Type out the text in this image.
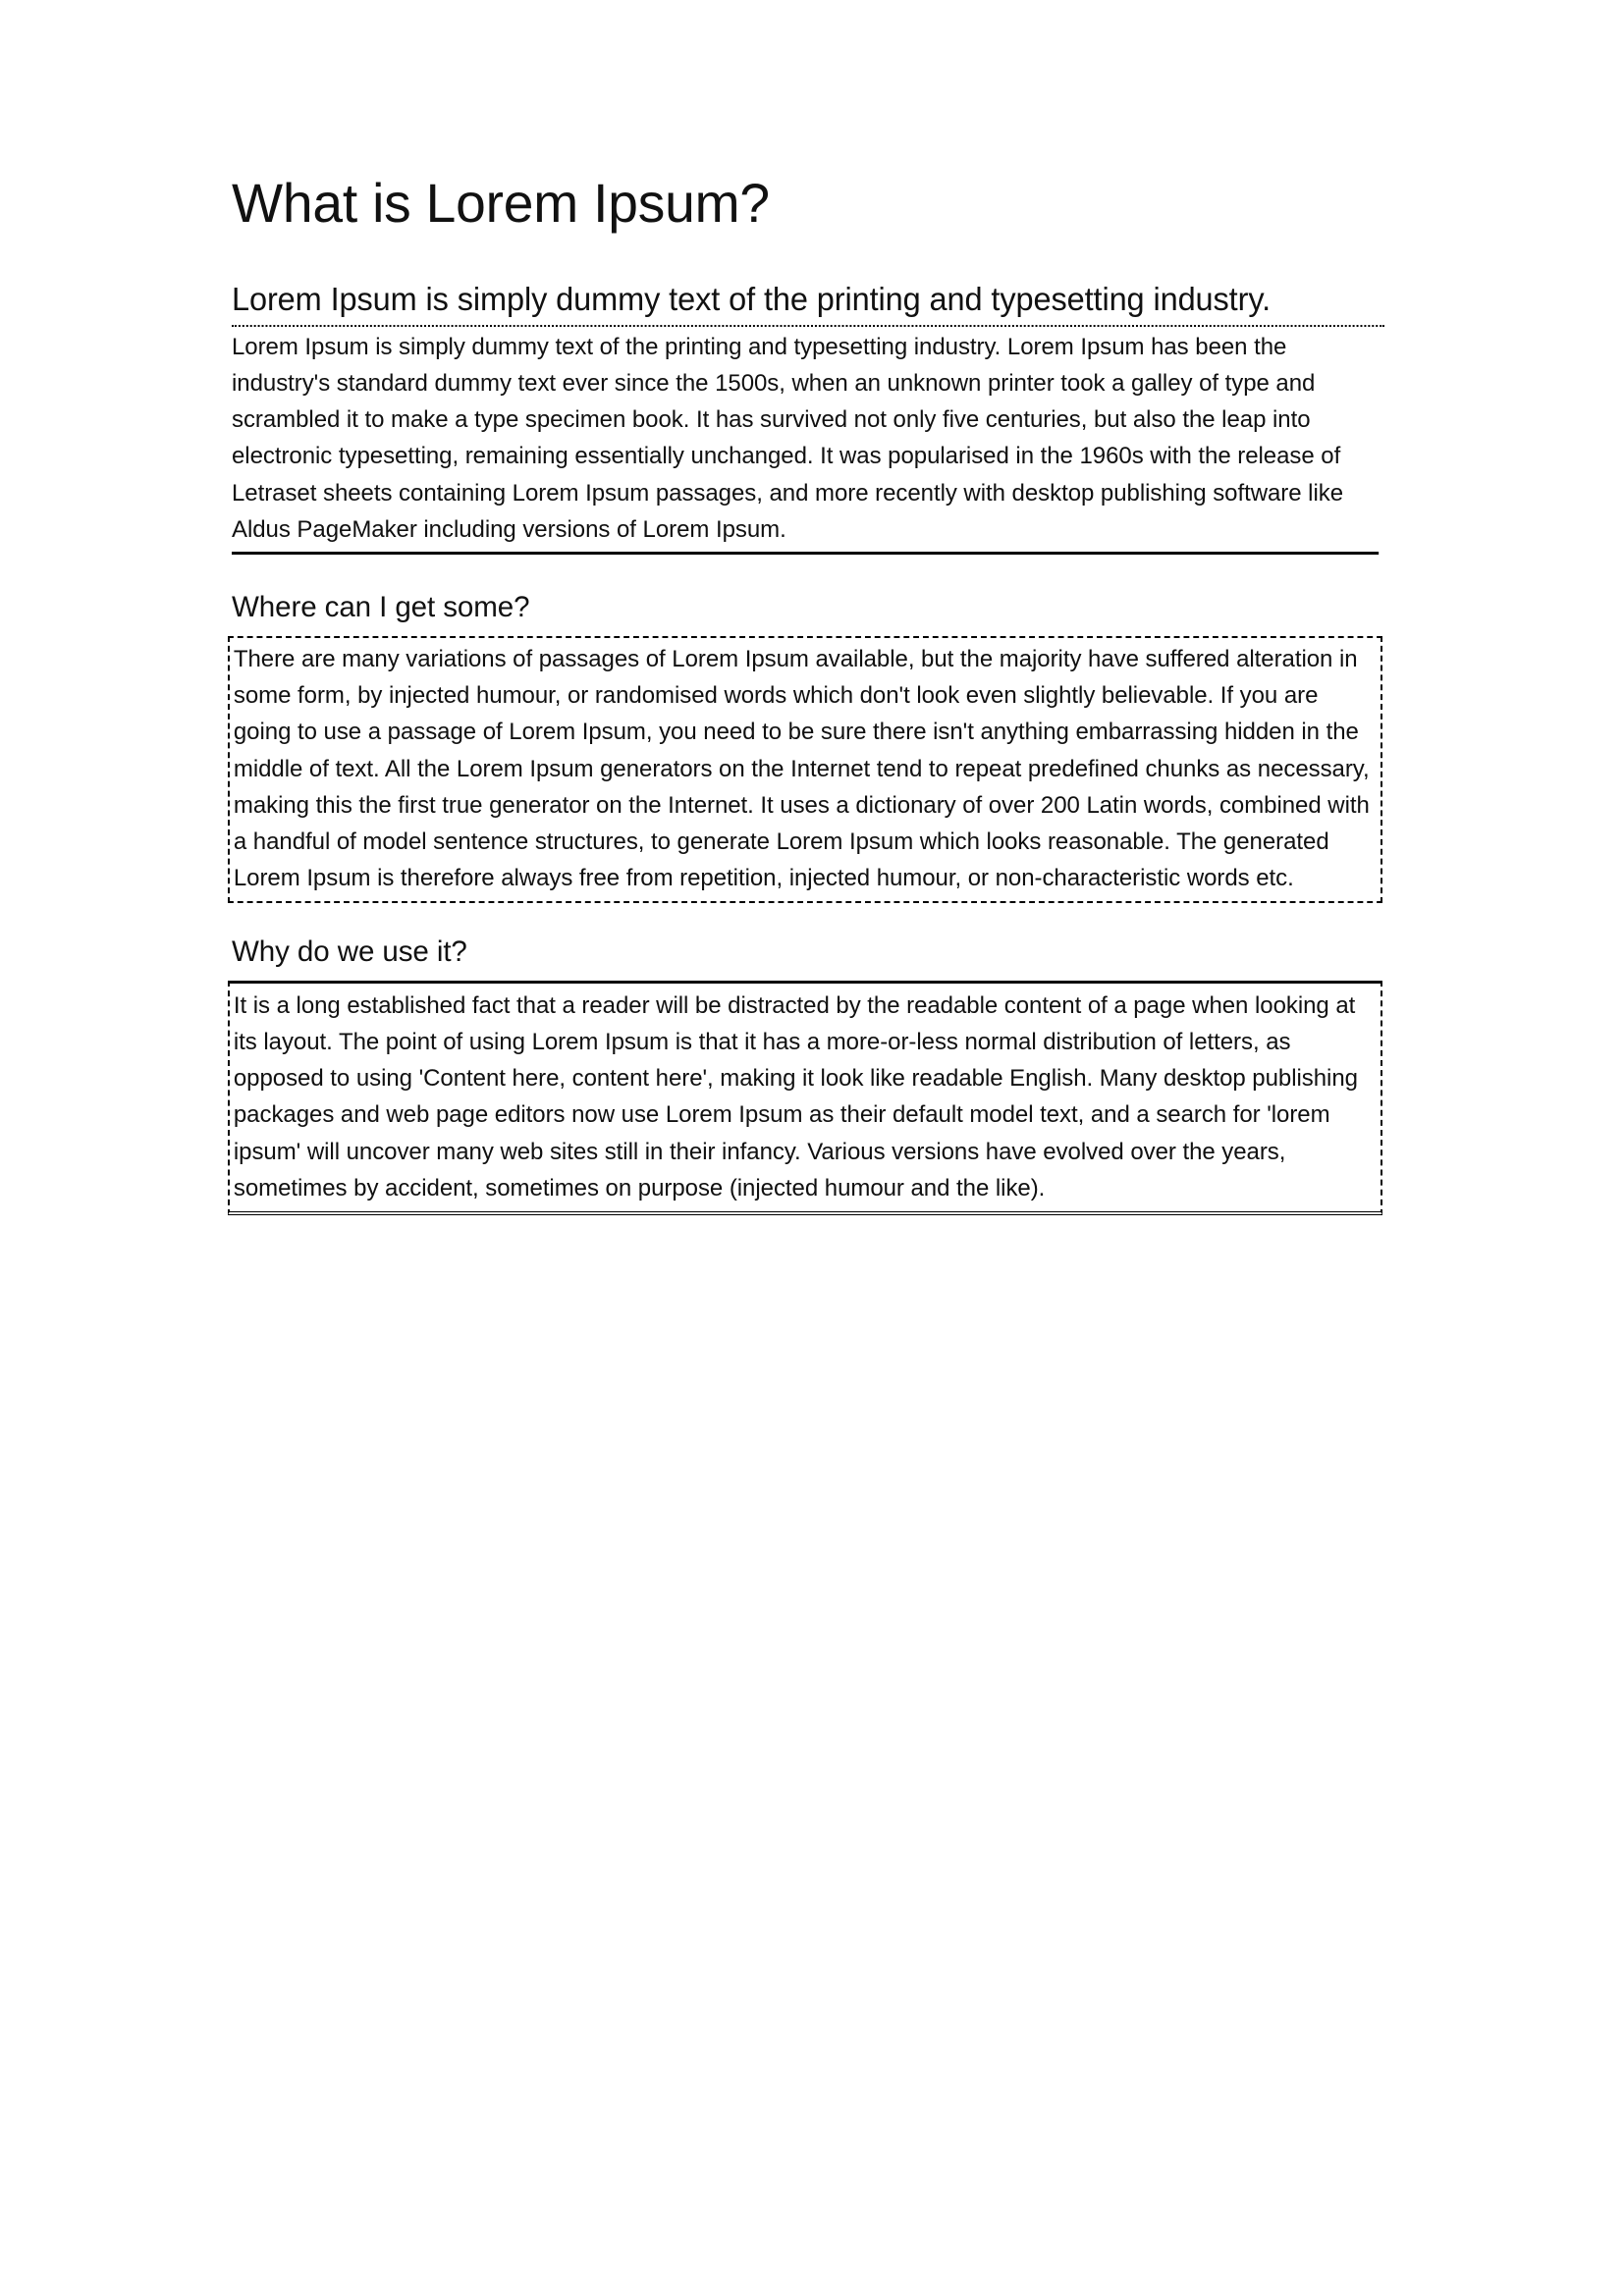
What is Lorem Ipsum?
Lorem Ipsum is simply dummy text of the printing and typesetting industry.

Lorem Ipsum is simply dummy text of the printing and typesetting industry. Lorem Ipsum has been the industry's standard dummy text ever since the 1500s, when an unknown printer took a galley of type and scrambled it to make a type specimen book. It has survived not only five centuries, but also the leap into electronic typesetting, remaining essentially unchanged. It was popularised in the 1960s with the release of Letraset sheets containing Lorem Ipsum passages, and more recently with desktop publishing software like Aldus PageMaker including versions of Lorem Ipsum.

Where can I get some?

There are many variations of passages of Lorem Ipsum available, but the majority have suffered alteration in some form, by injected humour, or randomised words which don't look even slightly believable. If you are going to use a passage of Lorem Ipsum, you need to be sure there isn't anything embarrassing hidden in the middle of text. All the Lorem Ipsum generators on the Internet tend to repeat predefined chunks as necessary, making this the first true generator on the Internet. It uses a dictionary of over 200 Latin words, combined with a handful of model sentence structures, to generate Lorem Ipsum which looks reasonable. The generated Lorem Ipsum is therefore always free from repetition, injected humour, or non-characteristic words etc.

Why do we use it?

It is a long established fact that a reader will be distracted by the readable content of a page when looking at its layout. The point of using Lorem Ipsum is that it has a more-or-less normal distribution of letters, as opposed to using 'Content here, content here', making it look like readable English. Many desktop publishing packages and web page editors now use Lorem Ipsum as their default model text, and a search for 'lorem ipsum' will uncover many web sites still in their infancy. Various versions have evolved over the years, sometimes by accident, sometimes on purpose (injected humour and the like).
